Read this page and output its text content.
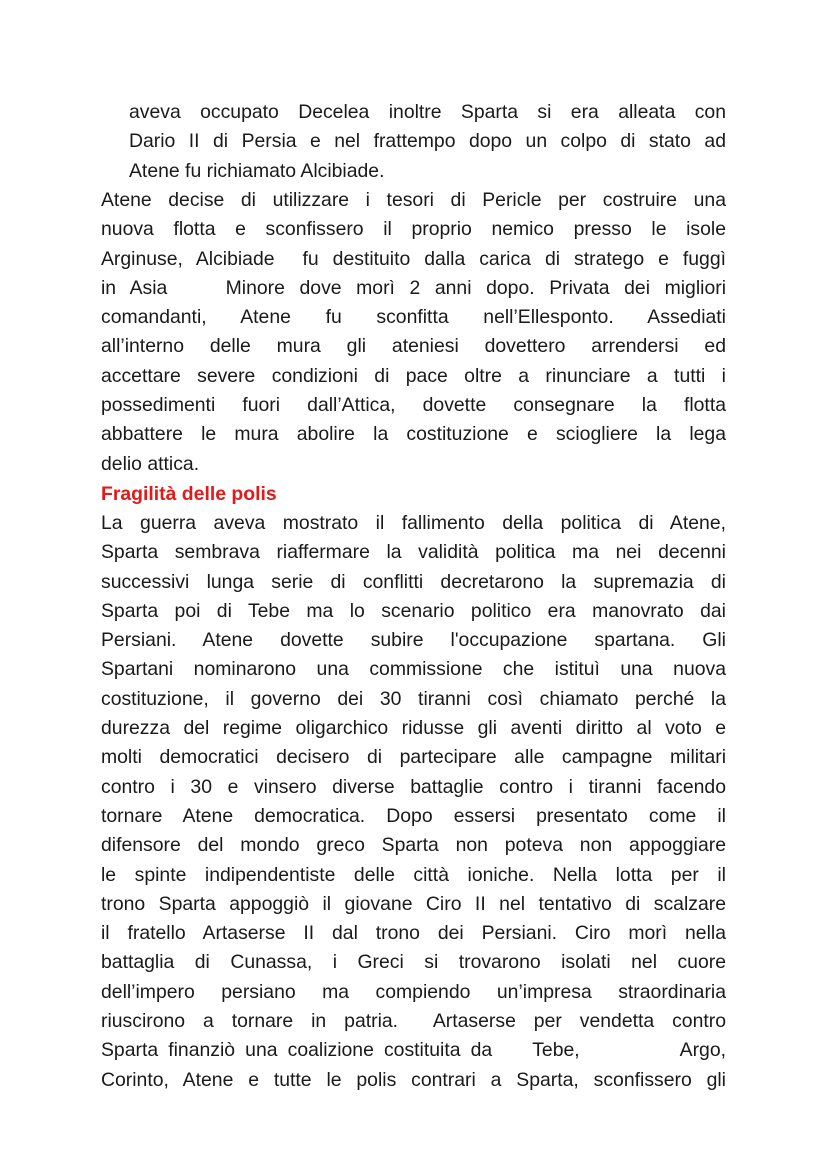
aveva occupato Decelea inoltre Sparta si era alleata con
Dario II di Persia e nel frattempo dopo un colpo di stato ad
Atene fu richiamato Alcibiade.
Atene decise di utilizzare i tesori di Pericle per costruire una
nuova flotta e sconfissero il proprio nemico presso le isole
Arginuse, Alcibiade  fu destituito dalla carica di stratego e fuggì
in Asia    Minore dove morì 2 anni dopo. Privata dei migliori
comandanti,  Atene  fu  sconfitta  nell’Ellesponto.  Assediati
all’interno  delle  mura  gli  ateniesi  dovettero  arrendersi  ed
accettare severe condizioni di pace oltre a rinunciare a tutti i
possedimenti  fuori  dall’Attica,  dovette  consegnare  la  flotta
abbattere le mura abolire la costituzione e sciogliere la lega
delio attica.
Fragilità delle polis
La guerra aveva mostrato il fallimento della politica di Atene,
Sparta sembrava riaffermare la validità politica ma nei decenni
successivi lunga serie di conflitti decretarono la supremazia di
Sparta poi di Tebe ma lo scenario politico era manovrato dai
Persiani. Atene dovette subire l'occupazione spartana. Gli
Spartani nominarono una commissione che istituì una nuova
costituzione, il governo dei 30 tiranni così chiamato perché la
durezza del regime oligarchico ridusse gli aventi diritto al voto e
molti democratici decisero di partecipare alle campagne militari
contro i 30 e vinsero diverse battaglie contro i tiranni facendo
tornare Atene democratica. Dopo essersi presentato come il
difensore del mondo greco Sparta non poteva non appoggiare
le spinte indipendentiste delle città ioniche. Nella lotta per il
trono Sparta appoggiò il giovane Ciro II nel tentativo di scalzare
il fratello Artaserse II dal trono dei Persiani. Ciro morì nella
battaglia di Cunassa, i Greci si trovarono isolati nel cuore
dell’impero persiano ma compiendo un’impresa straordinaria
riuscirono a tornare in patria.  Artaserse per vendetta contro
Sparta finanziò una coalizione costituita da    Tebe,          Argo,
Corinto, Atene e tutte le polis contrari a Sparta, sconfissero gli
